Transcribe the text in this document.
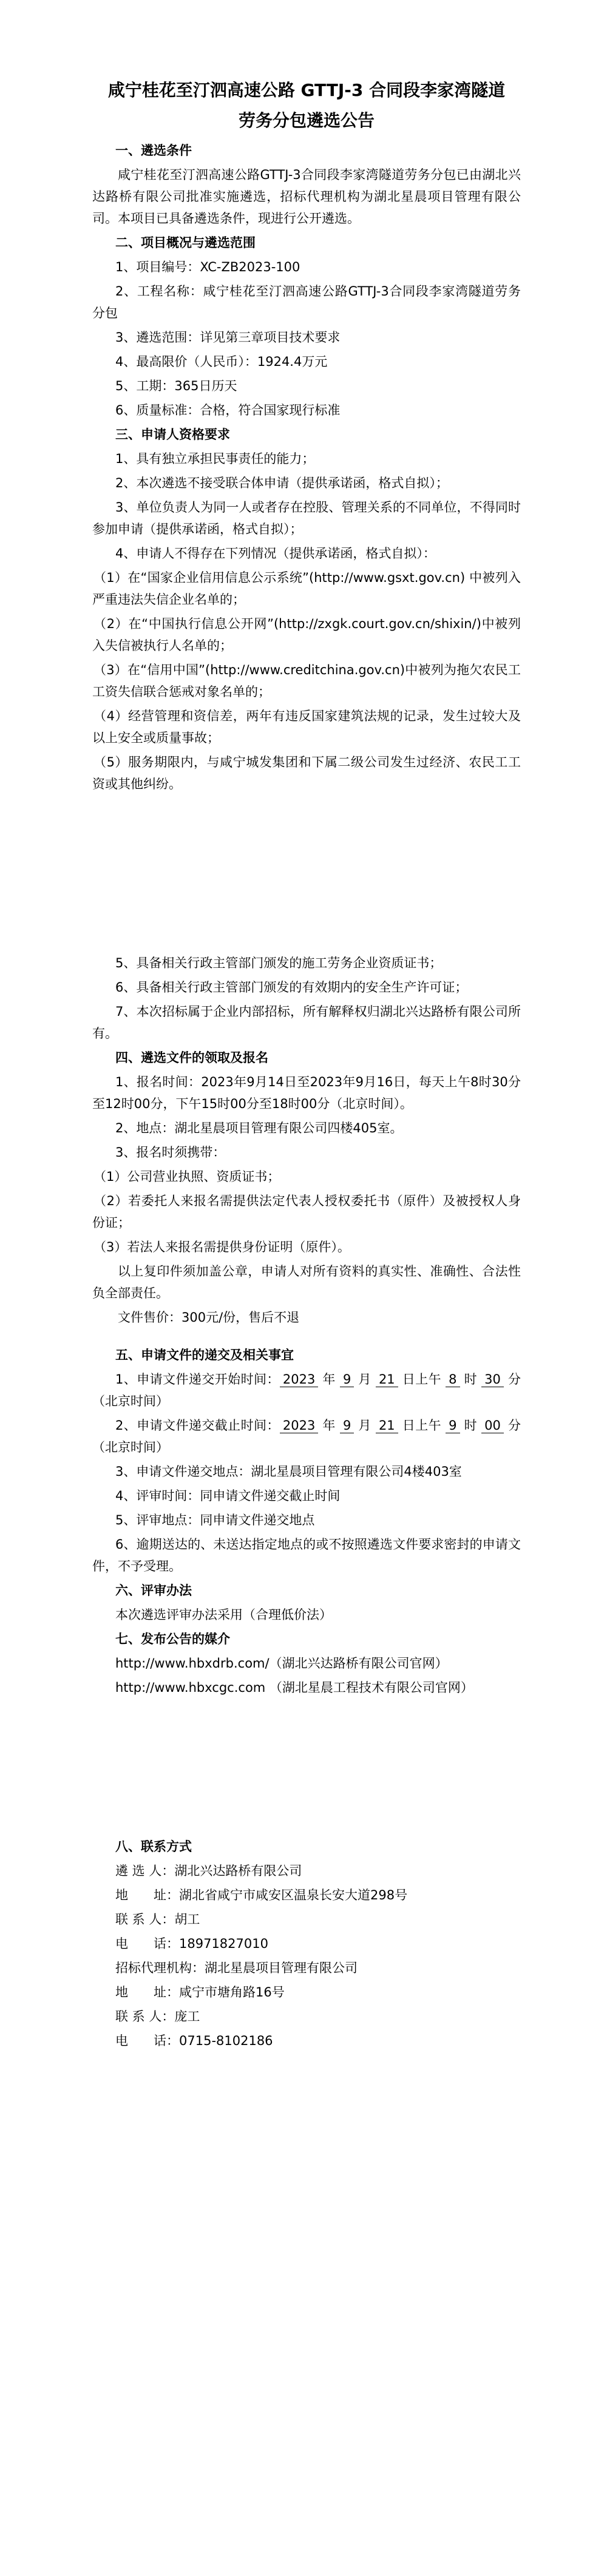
咸宁桂花至汀泗高速公路 GTTJ-3 合同段李家湾隧道

劳务分包遴选公告

一、遴选条件

咸宁桂花至汀泗高速公路GTTJ-3合同段李家湾隧道劳务分包已由湖北兴达路桥有限公司批准实施遴选，招标代理机构为湖北星晨项目管理有限公司。本项目已具备遴选条件，现进行公开遴选。

二、项目概况与遴选范围

1、项目编号：XC-ZB2023-100

2、工程名称：咸宁桂花至汀泗高速公路GTTJ-3合同段李家湾隧道劳务分包

3、遴选范围：详见第三章项目技术要求

4、最高限价（人民币）：1924.4万元

5、工期：365日历天

6、质量标准：合格，符合国家现行标准

三、申请人资格要求

1、具有独立承担民事责任的能力；

2、本次遴选不接受联合体申请（提供承诺函，格式自拟）；

3、单位负责人为同一人或者存在控股、管理关系的不同单位，不得同时参加申请（提供承诺函，格式自拟）；

4、申请人不得存在下列情况（提供承诺函，格式自拟）：

（1）在“国家企业信用信息公示系统”(http://www.gsxt.gov.cn) 中被列入严重违法失信企业名单的；

（2）在“中国执行信息公开网”(http://zxgk.court.gov.cn/shixin/)中被列入失信被执行人名单的；

（3）在“信用中国”(http://www.creditchina.gov.cn)中被列为拖欠农民工工资失信联合惩戒对象名单的；

（4）经营管理和资信差，两年有违反国家建筑法规的记录，发生过较大及以上安全或质量事故；

（5）服务期限内，与咸宁城发集团和下属二级公司发生过经济、农民工工资或其他纠纷。

5、具备相关行政主管部门颁发的施工劳务企业资质证书；

6、具备相关行政主管部门颁发的有效期内的安全生产许可证；

7、本次招标属于企业内部招标，所有解释权归湖北兴达路桥有限公司所有。

四、遴选文件的领取及报名

1、报名时间：2023年9月14日至2023年9月16日，每天上午8时30分至12时00分，下午15时00分至18时00分（北京时间）。

2、地点：湖北星晨项目管理有限公司四楼405室。

3、报名时须携带：

（1）公司营业执照、资质证书；

（2）若委托人来报名需提供法定代表人授权委托书（原件）及被授权人身份证；

（3）若法人来报名需提供身份证明（原件）。

以上复印件须加盖公章，申请人对所有资料的真实性、准确性、合法性负全部责任。

文件售价：300元/份，售后不退

五、申请文件的递交及相关事宜

1、申请文件递交开始时间： 2023 年 9 月 21 日上午 8 时 30 分（北京时间）

2、申请文件递交截止时间： 2023 年 9 月 21 日上午 9 时 00 分（北京时间）

3、申请文件递交地点：湖北星晨项目管理有限公司4楼403室

4、评审时间：同申请文件递交截止时间

5、评审地点：同申请文件递交地点

6、逾期送达的、未送达指定地点的或不按照遴选文件要求密封的申请文件，不予受理。

六、评审办法

本次遴选评审办法采用（合理低价法）

七、发布公告的媒介

http://www.hbxdrb.com/（湖北兴达路桥有限公司官网）

http://www.hbxcgc.com （湖北星晨工程技术有限公司官网）

八、联系方式

遴 选 人：湖北兴达路桥有限公司

地　　址：湖北省咸宁市咸安区温泉长安大道298号

联 系 人：胡工

电　　话：18971827010

招标代理机构：湖北星晨项目管理有限公司

地　　址：咸宁市塘角路16号

联 系 人：庞工

电　　话：0715-8102186
